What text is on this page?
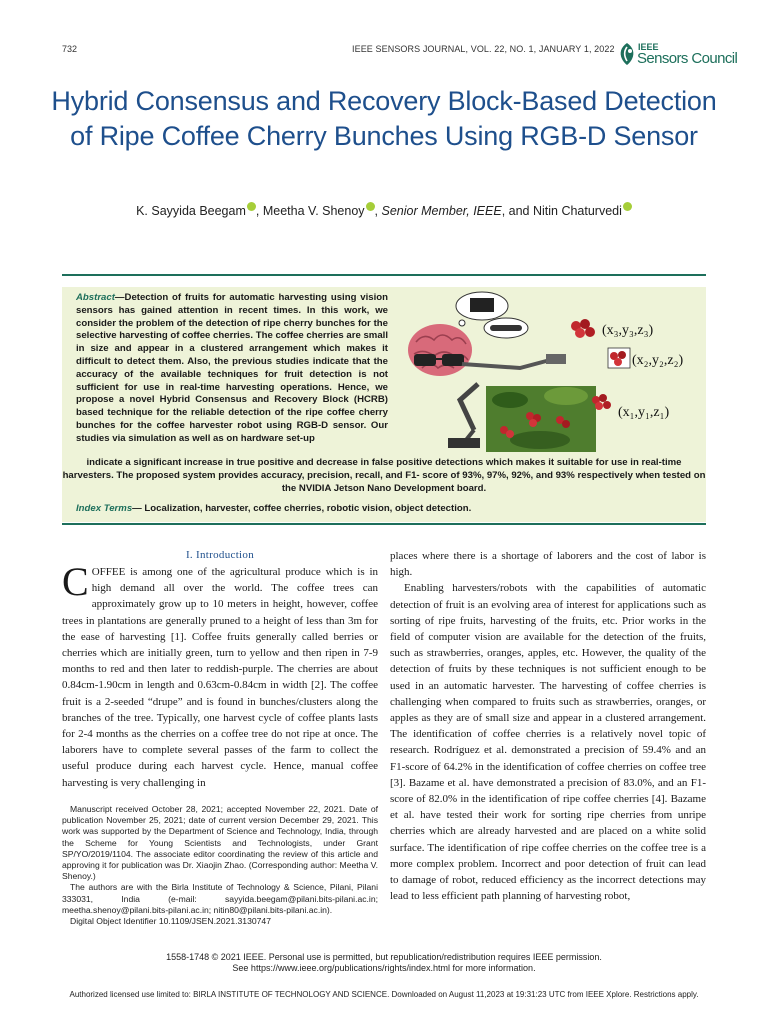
732	IEEE SENSORS JOURNAL, VOL. 22, NO. 1, JANUARY 1, 2022	IEEE
Sensors Council
Hybrid Consensus and Recovery Block-Based Detection of Ripe Coffee Cherry Bunches Using RGB-D Sensor
K. Sayyida Beegam , Meetha V. Shenoy , Senior Member, IEEE, and Nitin Chaturvedi
Abstract—Detection of fruits for automatic harvesting using vision sensors has gained attention in recent times. In this work, we consider the problem of the detection of ripe cherry bunches for the selective harvesting of coffee cherries. The coffee cherries are small in size and appear in a clustered arrangement which makes it difficult to detect them. Also, the previous studies indicate that the accuracy of the available techniques for fruit detection is not sufficient for use in real-time harvesting operations. Hence, we propose a novel Hybrid Consensus and Recovery Block (HCRB) based technique for the reliable detection of the ripe coffee cherry bunches for the coffee harvester robot using RGB-D sensor. Our studies via simulation as well as on hardware set-up
indicate a significant increase in true positive and decrease in false positive detections which makes it suitable for use in real-time harvesters. The proposed system provides accuracy, precision, recall, and F1- score of 93%, 97%, 92%, and 93% respectively when tested on the NVIDIA Jetson Nano Development board.
Index Terms— Localization, harvester, coffee cherries, robotic vision, object detection.
(x₃,y₃,z₃)
(x₂,y₂,z₂)
(x₁,y₁,z₁)
I. Introduction
COFFEE is among one of the agricultural produce which is in high demand all over the world. The coffee trees can approximately grow up to 10 meters in height, however, coffee trees in plantations are generally pruned to a height of less than 3m for the ease of harvesting [1]. Coffee fruits generally called berries or cherries which are initially green, turn to yellow and then ripen in 7-9 months to red and then later to reddish-purple. The cherries are about 0.84cm-1.90cm in length and 0.63cm-0.84cm in width [2]. The coffee fruit is a 2-seeded “drupe” and is found in bunches/clusters along the branches of the tree. Typically, one harvest cycle of coffee plants lasts for 2-4 months as the cherries on a coffee tree do not ripe at once. The laborers have to complete several passes of the farm to collect the useful produce during each harvest cycle. Hence, manual coffee harvesting is very challenging in

places where there is a shortage of laborers and the cost of labor is high.

Enabling harvesters/robots with the capabilities of automatic detection of fruit is an evolving area of interest for applications such as sorting of ripe fruits, harvesting of the fruits, etc. Prior works in the field of computer vision are available for the detection of the fruits, such as strawberries, oranges, apples, etc. However, the quality of the detection of fruits by these techniques is not sufficient enough to be used in an automatic harvester. The harvesting of coffee cherries is challenging when compared to fruits such as strawberries, oranges, or apples as they are of small size and appear in a clustered arrangement. The identification of coffee cherries is a relatively novel topic of research. Rodríguez et al. demonstrated a precision of 59.4% and an F1-score of 64.2% in the identification of coffee cherries on coffee tree [3]. Bazame et al. have demonstrated a precision of 83.0%, and an F1-score of 82.0% in the identification of ripe coffee cherries [4]. Bazame et al. have tested their work for sorting ripe cherries from unripe cherries which are already harvested and are placed on a white solid surface. The identification of ripe coffee cherries on the coffee tree is a more complex problem. Incorrect and poor detection of fruit can lead to damage of robot, reduced efficiency as the incorrect detections may lead to less efficient path planning of harvesting robot,

Manuscript received October 28, 2021; accepted November 22, 2021. Date of publication November 25, 2021; date of current version December 29, 2021. This work was supported by the Department of Science and Technology, India, through the Scheme for Young Scientists and Technologists, under Grant SP/YO/2019/1104. The associate editor coordinating the review of this article and approving it for publication was Dr. Xiaojin Zhao. (Corresponding author: Meetha V. Shenoy.)

The authors are with the Birla Institute of Technology & Science, Pilani, Pilani 333031, India (e-mail: sayyida.beegam@pilani.bits-pilani.ac.in; meetha.shenoy@pilani.bits-pilani.ac.in; nitin80@pilani.bits-pilani.ac.in).

Digital Object Identifier 10.1109/JSEN.2021.3130747

1558-1748 © 2021 IEEE. Personal use is permitted, but republication/redistribution requires IEEE permission.
See https://www.ieee.org/publications/rights/index.html for more information.
Authorized licensed use limited to: BIRLA INSTITUTE OF TECHNOLOGY AND SCIENCE. Downloaded on August 11,2023 at 19:31:23 UTC from IEEE Xplore. Restrictions apply.
